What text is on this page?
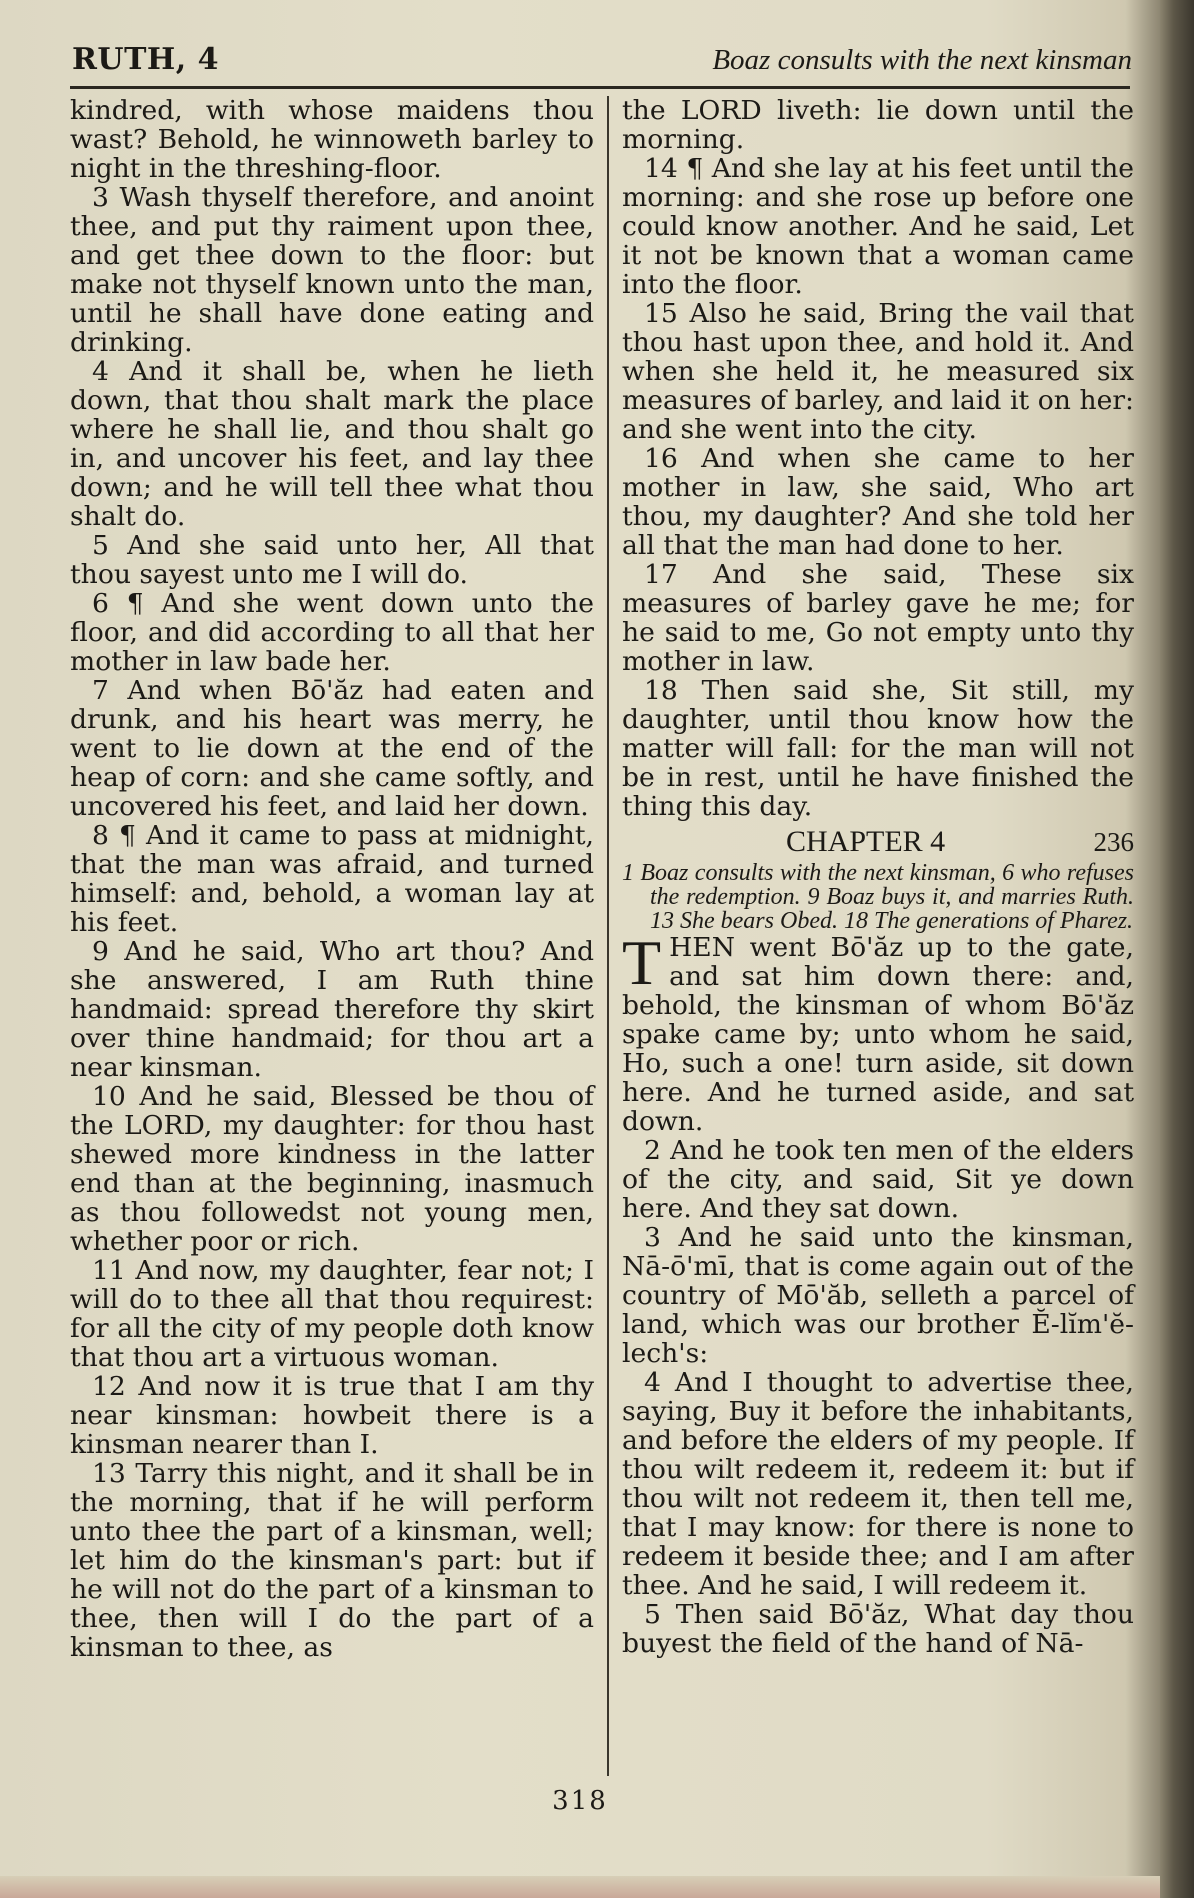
RUTH, 4	Boaz consults with the next kinsman

kindred, with whose maidens thou wast? Behold, he winnoweth barley to night in the threshing-floor.

3 Wash thyself therefore, and anoint thee, and put thy raiment upon thee, and get thee down to the floor: but make not thyself known unto the man, until he shall have done eating and drinking.

4 And it shall be, when he lieth down, that thou shalt mark the place where he shall lie, and thou shalt go in, and uncover his feet, and lay thee down; and he will tell thee what thou shalt do.

5 And she said unto her, All that thou sayest unto me I will do.

6 ¶ And she went down unto the floor, and did according to all that her mother in law bade her.

7 And when Bō'ăz had eaten and drunk, and his heart was merry, he went to lie down at the end of the heap of corn: and she came softly, and uncovered his feet, and laid her down.

8 ¶ And it came to pass at midnight, that the man was afraid, and turned himself: and, behold, a woman lay at his feet.

9 And he said, Who art thou? And she answered, I am Ruth thine handmaid: spread therefore thy skirt over thine handmaid; for thou art a near kinsman.

10 And he said, Blessed be thou of the LORD, my daughter: for thou hast shewed more kindness in the latter end than at the beginning, inasmuch as thou followedst not young men, whether poor or rich.

11 And now, my daughter, fear not; I will do to thee all that thou requirest: for all the city of my people doth know that thou art a virtuous woman.

12 And now it is true that I am thy near kinsman: howbeit there is a kinsman nearer than I.

13 Tarry this night, and it shall be in the morning, that if he will perform unto thee the part of a kinsman, well; let him do the kinsman's part: but if he will not do the part of a kinsman to thee, then will I do the part of a kinsman to thee, as

the LORD liveth: lie down until the morning.

14 ¶ And she lay at his feet until the morning: and she rose up before one could know another. And he said, Let it not be known that a woman came into the floor.

15 Also he said, Bring the vail that thou hast upon thee, and hold it. And when she held it, he measured six measures of barley, and laid it on her: and she went into the city.

16 And when she came to her mother in law, she said, Who art thou, my daughter? And she told her all that the man had done to her.

17 And she said, These six measures of barley gave he me; for he said to me, Go not empty unto thy mother in law.

18 Then said she, Sit still, my daughter, until thou know how the matter will fall: for the man will not be in rest, until he have finished the thing this day.

CHAPTER 4	236

1 Boaz consults with the next kinsman, 6 who refuses the redemption. 9 Boaz buys it, and marries Ruth. 13 She bears Obed. 18 The generations of Pharez.

THEN went Bō'ăz up to the gate, and sat him down there: and, behold, the kinsman of whom Bō'ăz spake came by; unto whom he said, Ho, such a one! turn aside, sit down here. And he turned aside, and sat down.

2 And he took ten men of the elders of the city, and said, Sit ye down here. And they sat down.

3 And he said unto the kinsman, Nā-ō'mī, that is come again out of the country of Mō'ăb, selleth a parcel of land, which was our brother Ĕ-lĭm'ĕ-lech's:

4 And I thought to advertise thee, saying, Buy it before the inhabitants, and before the elders of my people. If thou wilt redeem it, redeem it: but if thou wilt not redeem it, then tell me, that I may know: for there is none to redeem it beside thee; and I am after thee. And he said, I will redeem it.

5 Then said Bō'ăz, What day thou buyest the field of the hand of Nā-

318
